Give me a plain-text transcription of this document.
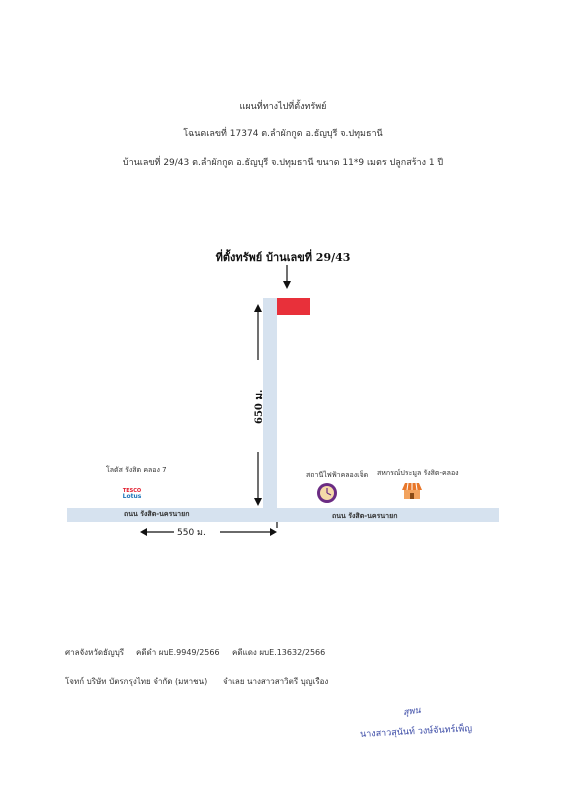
แผนที่ทางไปที่ตั้งทรัพย์
โฉนดเลขที่ 17374 ต.ลำผักกูด อ.ธัญบุรี จ.ปทุมธานี
บ้านเลขที่ 29/43 ต.ลำผักกูด อ.ธัญบุรี จ.ปทุมธานี ขนาด 11*9 เมตร ปลูกสร้าง 1 ปี
ที่ตั้งทรัพย์ บ้านเลขที่ 29/43
650 ม.
550 ม.
ถนน รังสิต-นครนายก	ถนน รังสิต-นครนายก
โลตัส รังสิต คลอง 7
TESCO
Lotus
สถานีไฟฟ้าคลองเจ็ด สหกรณ์ประมูล รังสิต-คลอง
ศาลจังหวัดธัญบุรี คดีดำ ผบE.9949/2566 คดีแดง ผบE.13632/2566
โจทก์ บริษัท บัตรกรุงไทย จำกัด (มหาชน) จำเลย นางสาวสาวิตรี บุญเรือง
สุพน
นางสาวสุนันท์ วงษ์จันทร์เพ็ญ
